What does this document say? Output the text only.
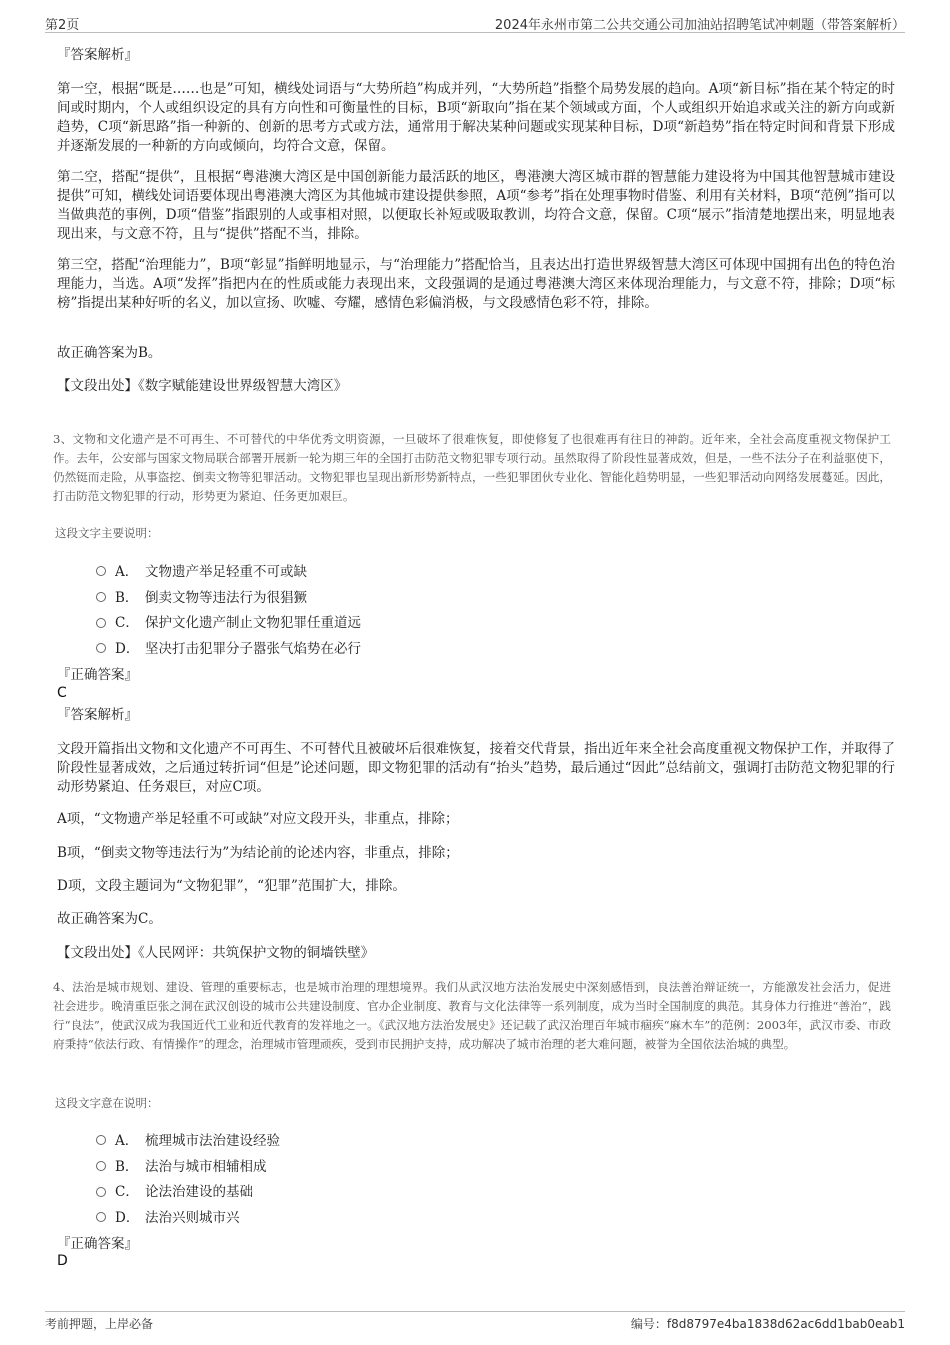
第2页	2024年永州市第二公共交通公司加油站招聘笔试冲刺题（带答案解析）
『答案解析』

第一空，根据“既是……也是”可知，横线处词语与“大势所趋”构成并列，“大势所趋”指整个局势发展的趋向。A项“新目标”指在某个特定的时间或时期内，个人或组织设定的具有方向性和可衡量性的目标，B项“新取向”指在某个领域或方面，个人或组织开始追求或关注的新方向或新趋势，C项“新思路”指一种新的、创新的思考方式或方法，通常用于解决某种问题或实现某种目标，D项“新趋势”指在特定时间和背景下形成并逐渐发展的一种新的方向或倾向，均符合文意，保留。

第二空，搭配“提供”，且根据“粤港澳大湾区是中国创新能力最活跃的地区，粤港澳大湾区城市群的智慧能力建设将为中国其他智慧城市建设提供”可知，横线处词语要体现出粤港澳大湾区为其他城市建设提供参照，A项“参考”指在处理事物时借鉴、利用有关材料，B项“范例”指可以当做典范的事例，D项“借鉴”指跟别的人或事相对照，以便取长补短或吸取教训，均符合文意，保留。C项“展示”指清楚地摆出来，明显地表现出来，与文意不符，且与“提供”搭配不当，排除。

第三空，搭配“治理能力”，B项“彰显”指鲜明地显示，与“治理能力”搭配恰当，且表达出打造世界级智慧大湾区可体现中国拥有出色的特色治理能力，当选。A项“发挥”指把内在的性质或能力表现出来，文段强调的是通过粤港澳大湾区来体现治理能力，与文意不符，排除；D项“标榜”指提出某种好听的名义，加以宣扬、吹嘘、夸耀，感情色彩偏消极，与文段感情色彩不符，排除。

故正确答案为B。

【文段出处】《数字赋能建设世界级智慧大湾区》

3、文物和文化遗产是不可再生、不可替代的中华优秀文明资源，一旦破坏了很难恢复，即使修复了也很难再有往日的神韵。近年来，全社会高度重视文物保护工作。去年，公安部与国家文物局联合部署开展新一轮为期三年的全国打击防范文物犯罪专项行动。虽然取得了阶段性显著成效，但是，一些不法分子在利益驱使下，仍然铤而走险，从事盗挖、倒卖文物等犯罪活动。文物犯罪也呈现出新形势新特点，一些犯罪团伙专业化、智能化趋势明显，一些犯罪活动向网络发展蔓延。因此，打击防范文物犯罪的行动，形势更为紧迫、任务更加艰巨。

这段文字主要说明：
A． 文物遗产举足轻重不可或缺
B． 倒卖文物等违法行为很猖獗
C． 保护文化遗产制止文物犯罪任重道远
D． 坚决打击犯罪分子嚣张气焰势在必行
『正确答案』
C
『答案解析』

文段开篇指出文物和文化遗产不可再生、不可替代且被破坏后很难恢复，接着交代背景，指出近年来全社会高度重视文物保护工作，并取得了阶段性显著成效，之后通过转折词“但是”论述问题，即文物犯罪的活动有“抬头”趋势，最后通过“因此”总结前文，强调打击防范文物犯罪的行动形势紧迫、任务艰巨，对应C项。

A项，“文物遗产举足轻重不可或缺”对应文段开头，非重点，排除；

B项，“倒卖文物等违法行为”为结论前的论述内容，非重点，排除；

D项，文段主题词为“文物犯罪”，“犯罪”范围扩大，排除。

故正确答案为C。

【文段出处】《人民网评：共筑保护文物的铜墙铁壁》

4、法治是城市规划、建设、管理的重要标志，也是城市治理的理想境界。我们从武汉地方法治发展史中深刻感悟到，良法善治辩证统一，方能激发社会活力，促进社会进步。晚清重臣张之洞在武汉创设的城市公共建设制度、官办企业制度、教育与文化法律等一系列制度，成为当时全国制度的典范。其身体力行推进“善治”，践行“良法”，使武汉成为我国近代工业和近代教育的发祥地之一。《武汉地方法治发展史》还记载了武汉治理百年城市痼疾“麻木车”的范例：2003年，武汉市委、市政府秉持“依法行政、有情操作”的理念，治理城市管理顽疾，受到市民拥护支持，成功解决了城市治理的老大难问题，被誉为全国依法治城的典型。

这段文字意在说明：
A． 梳理城市法治建设经验
B． 法治与城市相辅相成
C． 论法治建设的基础
D． 法治兴则城市兴
『正确答案』
D
考前押题，上岸必备	编号：f8d8797e4ba1838d62ac6dd1bab0eab1
